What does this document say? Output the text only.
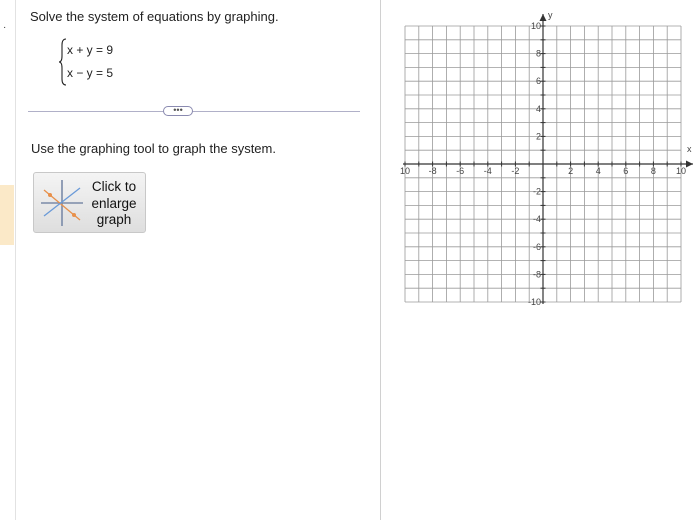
·
Solve the system of equations by graphing.
x + y = 9
x − y = 5
•••
Use the graphing tool to graph the system.
Click to
enlarge
graph
x
y
10 -8 -6 -4 -2	2	4	6	8 10
10
8
6
4
2
-2
-4
-6
-8
-10
